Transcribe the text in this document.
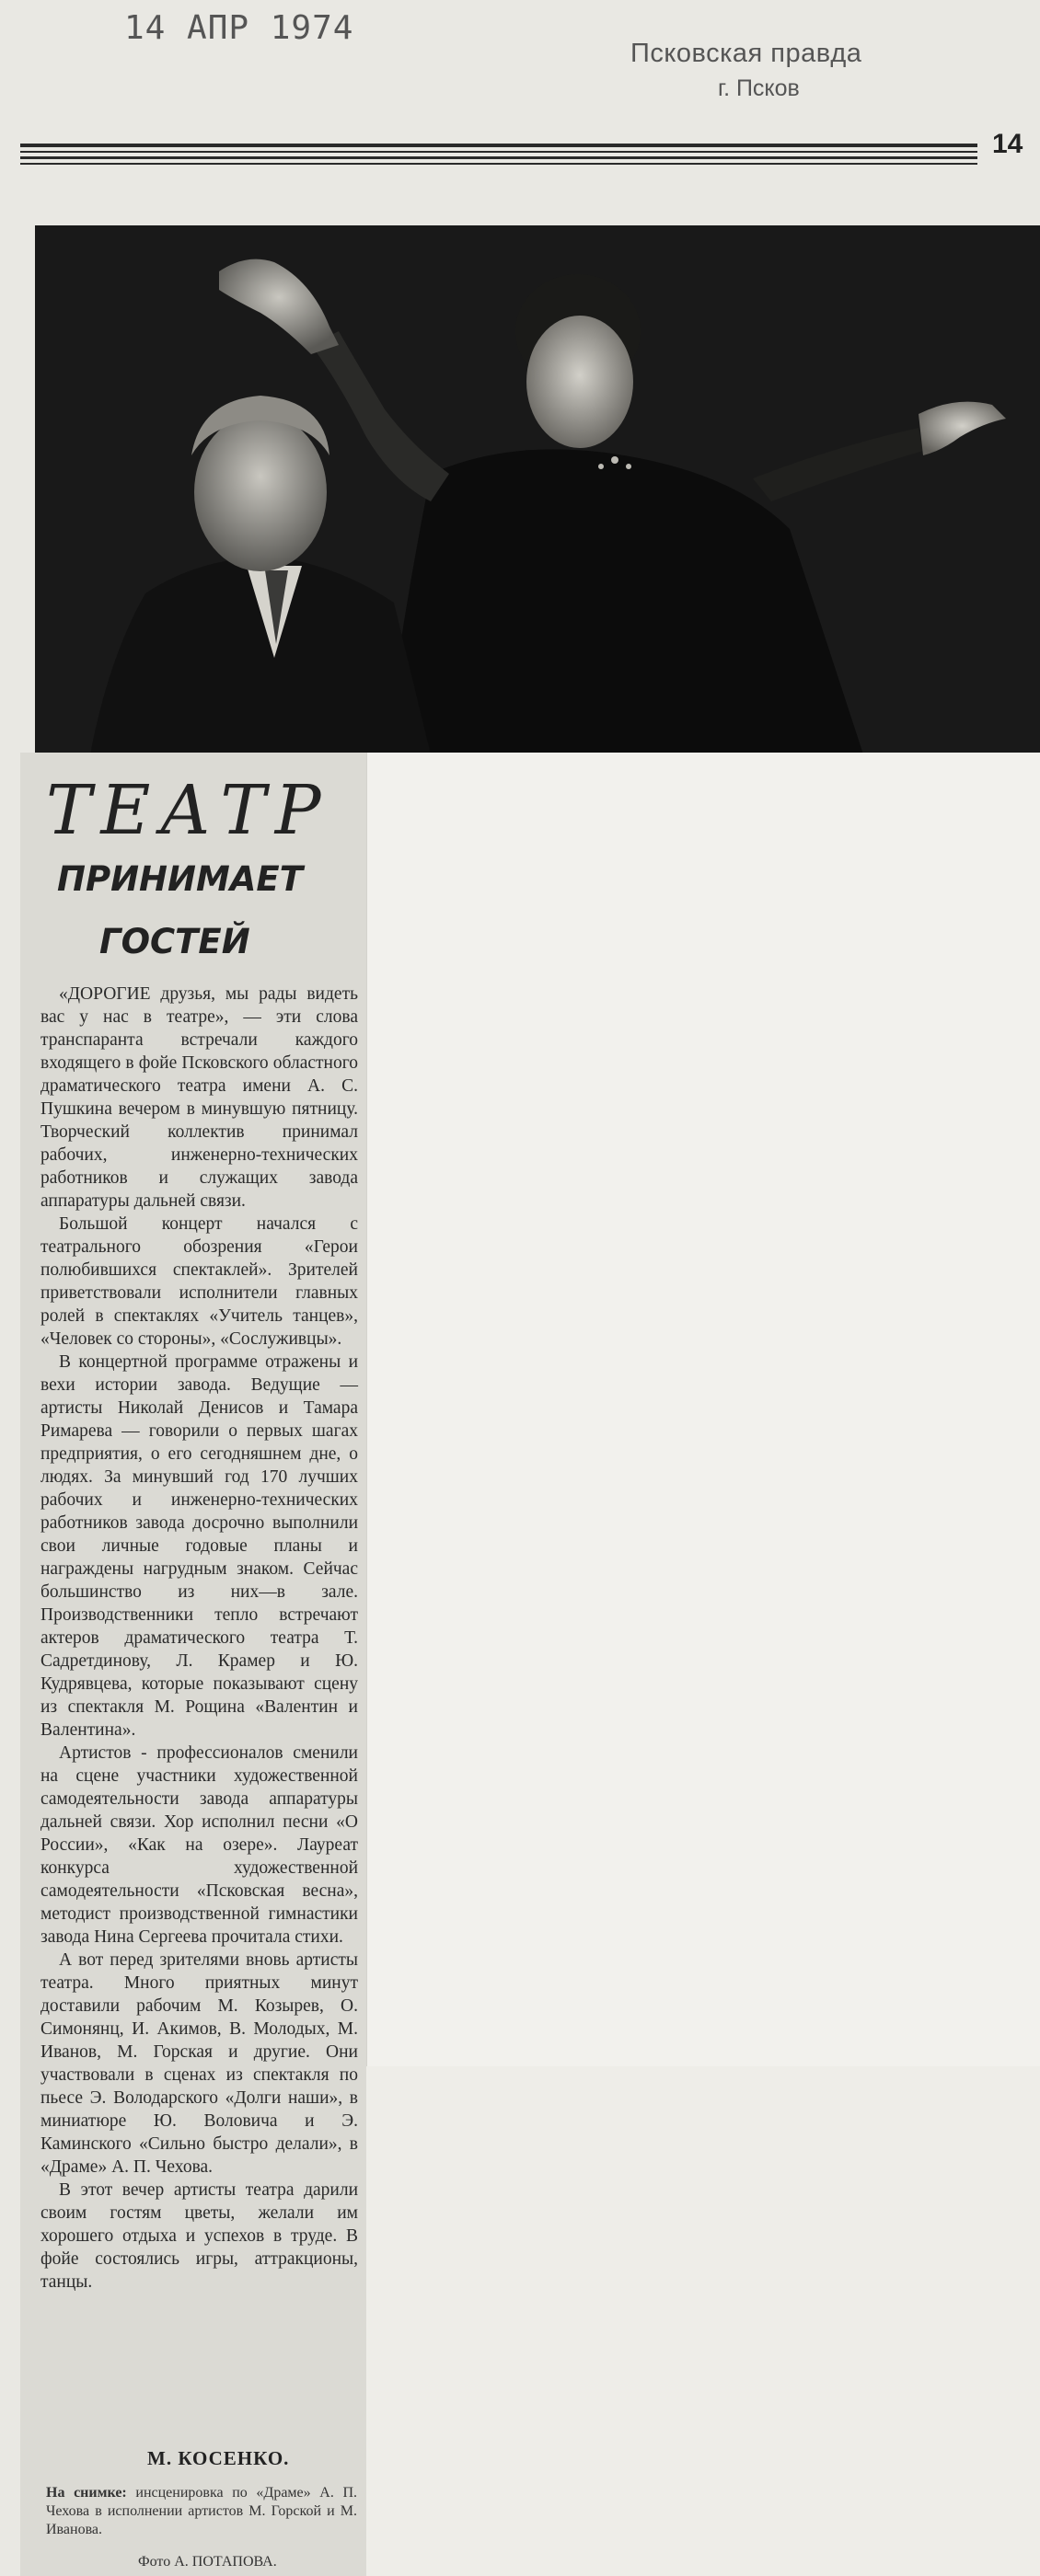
14 АПР 1974
Псковская правда
г. Псков
14
ТЕАТР
ПРИНИМАЕТ
ГОСТЕЙ

«ДОРОГИЕ друзья, мы рады видеть вас у нас в театре», — эти слова транспаранта встречали каждого входящего в фойе Псковского областного драматического театра имени А. С. Пушкина вечером в минувшую пятницу. Творческий коллектив принимал рабочих, инженерно-технических работников и служащих завода аппаратуры дальней связи.

Большой концерт начался с театрального обозрения «Герои полюбившихся спектаклей». Зрителей приветствовали исполнители главных ролей в спектаклях «Учитель танцев», «Человек со стороны», «Сослуживцы».

В концертной программе отражены и вехи истории завода. Ведущие — артисты Николай Денисов и Тамара Римарева — говорили о первых шагах предприятия, о его сегодняшнем дне, о людях. За минувший год 170 лучших рабочих и инженерно-технических работников завода досрочно выполнили свои личные годовые планы и награждены нагрудным знаком. Сейчас большинство из них—в зале. Производственники тепло встречают актеров драматического театра Т. Садретдинову, Л. Крамер и Ю. Кудрявцева, которые показывают сцену из спектакля М. Рощина «Валентин и Валентина».

Артистов - профессионалов сменили на сцене участники художественной самодеятельности завода аппаратуры дальней связи. Хор исполнил песни «О России», «Как на озере». Лауреат конкурса художественной самодеятельности «Псковская весна», методист производственной гимнастики завода Нина Сергеева прочитала стихи.

А вот перед зрителями вновь артисты театра. Много приятных минут доставили рабочим М. Козырев, О. Симонянц, И. Акимов, В. Молодых, М. Иванов, М. Горская и другие. Они участвовали в сценах из спектакля по пьесе Э. Володарского «Долги наши», в миниатюре Ю. Воловича и Э. Каминского «Сильно быстро делали», в «Драме» А. П. Чехова.

В этот вечер артисты театра дарили своим гостям цветы, желали им хорошего отдыха и успехов в труде. В фойе состоялись игры, аттракционы, танцы.

М. КОСЕНКО.
На снимке: инсценировка по «Драме» А. П. Чехова в исполнении артистов М. Горской и М. Иванова.
Фото А. ПОТАПОВА.
